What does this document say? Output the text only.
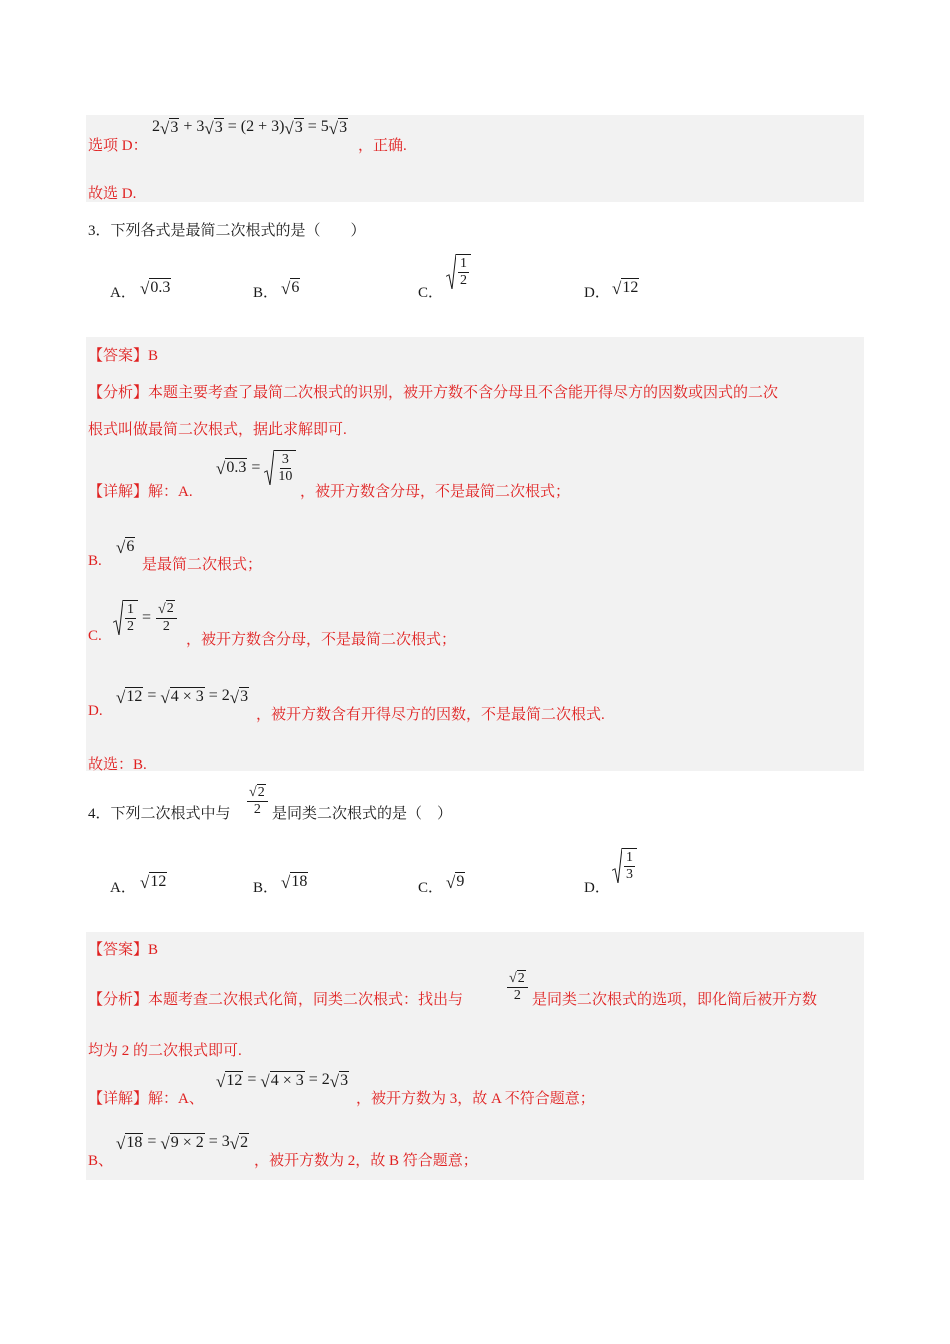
选项 D：
2 √ 3 + 3 √ 3 = (2 + 3) √ 3 = 5 √ 3
，正确.
故选 D.
3．下列各式是最简二次根式的是（　　）
A． √ 0.3	B． √ 6	C．
$\frac{1}{2}$
D． √ 12
【答案】B
【分析】本题主要考查了最简二次根式的识别，被开方数不含分母且不含能开得尽方的因数或因式的二次
根式叫做最简二次根式，据此求解即可.
【详解】解：A.
√ $0.3 = \frac{3}{10}$
，被开方数含分母，不是最简二次根式；
B.
√ 6
是最简二次根式；
C.
$\frac{1}{2} = \frac{√ 2}{2}$
，被开方数含分母，不是最简二次根式；
D.
√ 12 = √ 4 × 3 = 2 √ 3
，被开方数含有开得尽方的因数，不是最简二次根式.
故选：B.
4．下列二次根式中与 $\frac{√ 2}{2}$ 是同类二次根式的是（　）
A． √ 12	B． √ 18	C． √ 9	D．
$\frac{1}{3}$
【答案】B
【分析】本题考查二次根式化简，同类二次根式：找出与	$\frac{√ 2}{2}$ 是同类二次根式的选项，即化简后被开方数
均为 2 的二次根式即可.
【详解】解：A、
√ 12 = √ 4 × 3 = 2 √ 3
，被开方数为 3，故 A 不符合题意；
B、
√ 18 = √ 9 × 2 = 3 √ 2
，被开方数为 2，故 B 符合题意；
